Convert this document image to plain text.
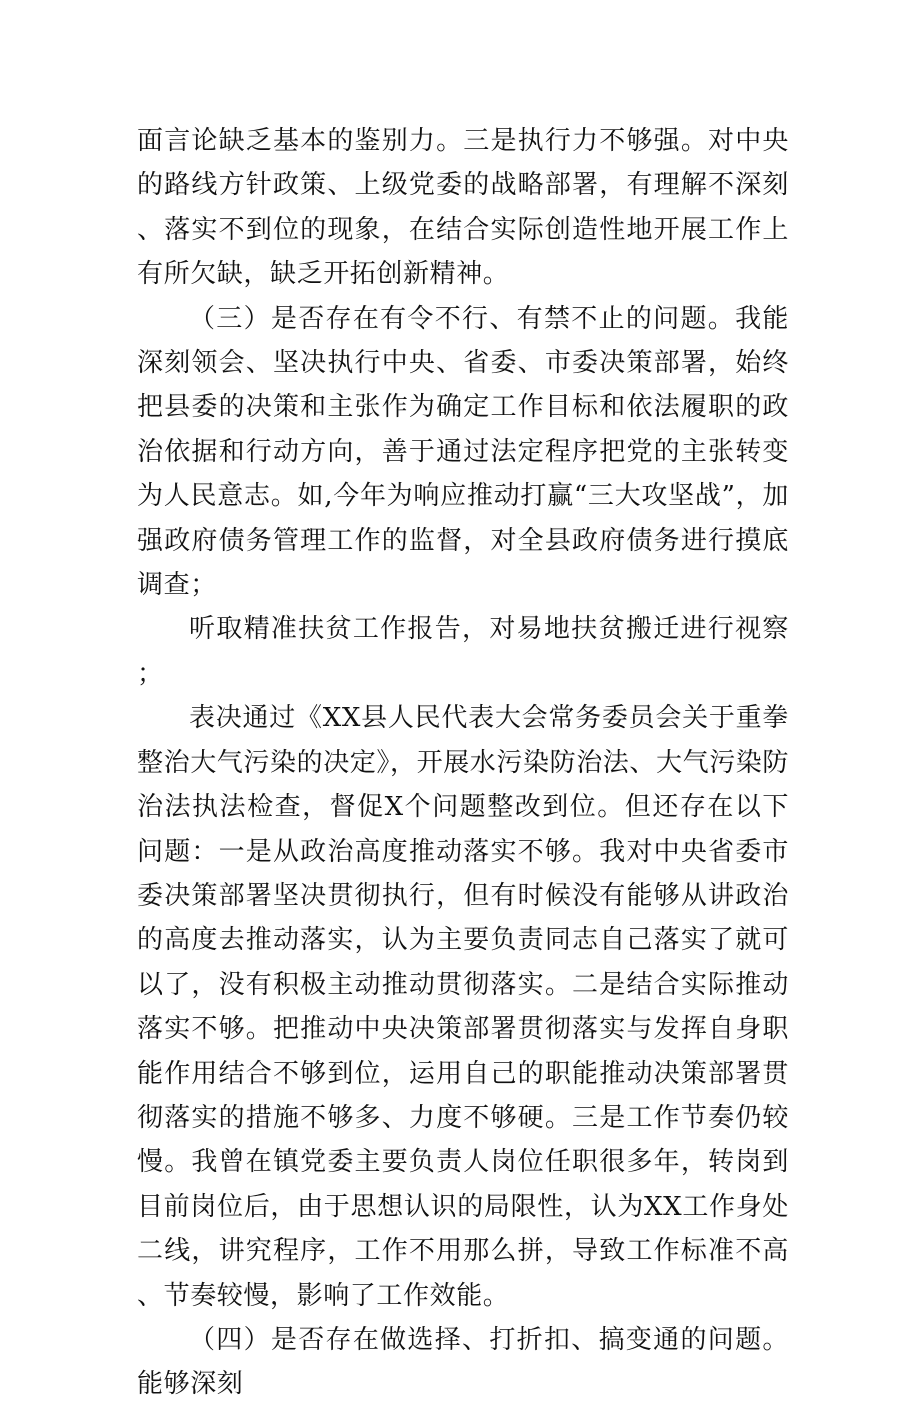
面言论缺乏基本的鉴别力。三是执行力不够强。对中央的路线方针政策、上级党委的战略部署，有理解不深刻、落实不到位的现象，在结合实际创造性地开展工作上有所欠缺，缺乏开拓创新精神。

（三）是否存在有令不行、有禁不止的问题。我能深刻领会、坚决执行中央、省委、市委决策部署，始终把县委的决策和主张作为确定工作目标和依法履职的政治依据和行动方向，善于通过法定程序把党的主张转变为人民意志。如,今年为响应推动打赢“三大攻坚战”，加强政府债务管理工作的监督，对全县政府债务进行摸底调查；

听取精准扶贫工作报告，对易地扶贫搬迁进行视察；

表决通过《XX县人民代表大会常务委员会关于重拳整治大气污染的决定》，开展水污染防治法、大气污染防治法执法检查，督促X个问题整改到位。但还存在以下问题：一是从政治高度推动落实不够。我对中央省委市委决策部署坚决贯彻执行，但有时候没有能够从讲政治的高度去推动落实，认为主要负责同志自己落实了就可以了，没有积极主动推动贯彻落实。二是结合实际推动落实不够。把推动中央决策部署贯彻落实与发挥自身职能作用结合不够到位，运用自己的职能推动决策部署贯彻落实的措施不够多、力度不够硬。三是工作节奏仍较慢。我曾在镇党委主要负责人岗位任职很多年，转岗到目前岗位后，由于思想认识的局限性，认为XX工作身处二线，讲究程序，工作不用那么拼，导致工作标准不高、节奏较慢，影响了工作效能。

（四）是否存在做选择、打折扣、搞变通的问题。能够深刻
